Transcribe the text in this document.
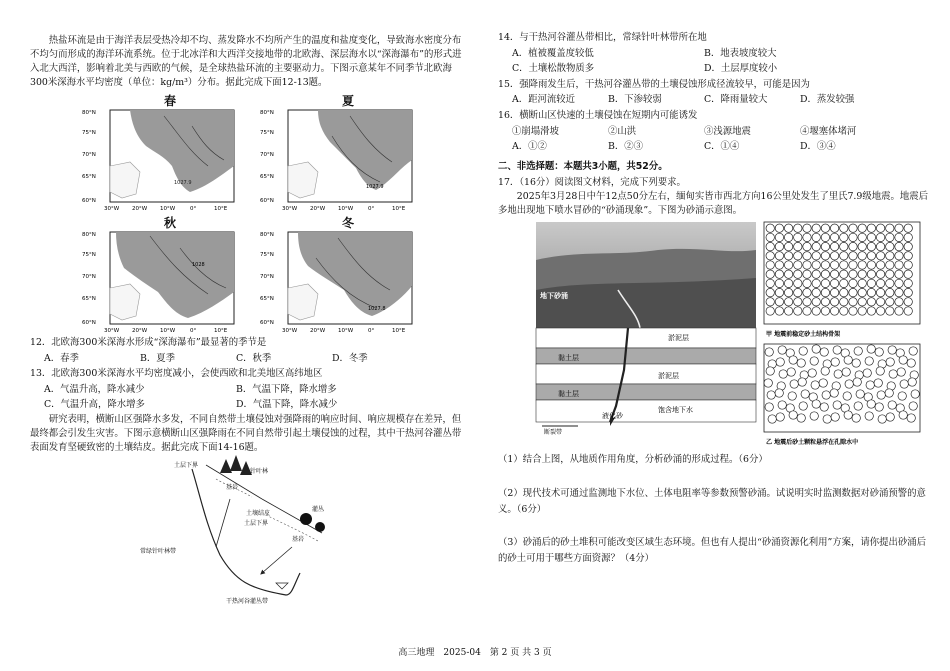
热盐环流是由于海洋表层受热冷却不均、蒸发降水不均所产生的温度和盐度变化，导致海水密度分布不均匀而形成的海洋环流系统。位于北冰洋和大西洋交接地带的北欧海、深层海水以“深海瀑布”的形式进入北大西洋，影响着北美与西欧的气候，是全球热盐环流的主要驱动力。下图示意某年不同季节北欧海300米深海水平均密度（单位：kg/m³）分布。据此完成下面12-13题。

春	夏
秋	冬
1027.9
80°N
75°N
70°N
65°N
60°N
30°W 20°W 10°W	0°	10°E
1027.9
80°N
75°N
70°N
65°N
60°N
30°W 20°W 10°W	0°	10°E
1028
80°N
75°N
70°N
65°N
60°N
30°W 20°W 10°W	0°	10°E
1027.8
80°N
75°N
70°N
65°N
60°N
30°W 20°W 10°W	0°	10°E

12．北欧海300米深海水形成“深海瀑布”最显著的季节是

A．春季	B．夏季	C．秋季	D．冬季

13．北欧海300米深海水平均密度减小，会使西欧和北美地区高纬地区

A．气温升高，降水减少	B．气温下降，降水增多
C．气温升高，降水增多	D．气温下降，降水减少

研究表明，横断山区强降水多发，不同自然带土壤侵蚀对强降雨的响应时间、响应规模存在差异，但最终都会引发生灾害。下图示意横断山区强降雨在不同自然带引起土壤侵蚀的过程，其中干热河谷灌丛带表面发育坚硬致密的土壤结皮。据此完成下面14-16题。

土层下界
针叶林
基岩
土壤结皮
土层下界
灌丛
基岩
常绿针叶林带
干热河谷灌丛带

14．与干热河谷灌丛带相比，常绿针叶林带所在地

A．植被覆盖度较低	B．地表坡度较大
C．土壤松散物质多	D．土层厚度较小

15．强降雨发生后，干热河谷灌丛带的土壤侵蚀形成径流较早，可能是因为

A．距河流较近	B．下渗较弱	C．降雨量较大	D．蒸发较强

16．横断山区快速的土壤侵蚀在短期内可能诱发

①崩塌滑坡	②山洪	③浅源地震	④堰塞体堵河
A．①②	B．②③	C．①④	D．③④

二、非选择题：本题共3小题，共52分。

17．（16分）阅读图文材料，完成下列要求。

2025年3月28日中午12点50分左右，缅甸实皆市西北方向16公里处发生了里氏7.9级地震。地震后多地出现地下喷水冒砂的“砂涌现象”。下图为砂涌示意图。

地下砂涌
淤泥层
黏土层
淤泥层
黏土层
液化砂
饱含地下水
断裂带
甲 地震前稳定砂土结构骨架
乙 地震后砂土颗粒悬浮在孔隙水中

（1）结合上图，从地质作用角度，分析砂涌的形成过程。（6分）

（2）现代技术可通过监测地下水位、土体电阻率等参数预警砂涌。试说明实时监测数据对砂涌预警的意义。（6分）

（3）砂涌后的砂土堆积可能改变区域生态环境。但也有人提出“砂涌资源化利用”方案，请你提出砂涌后的砂土可用于哪些方面资源？（4分）

高三地理　2025-04　第 2 页 共 3 页
